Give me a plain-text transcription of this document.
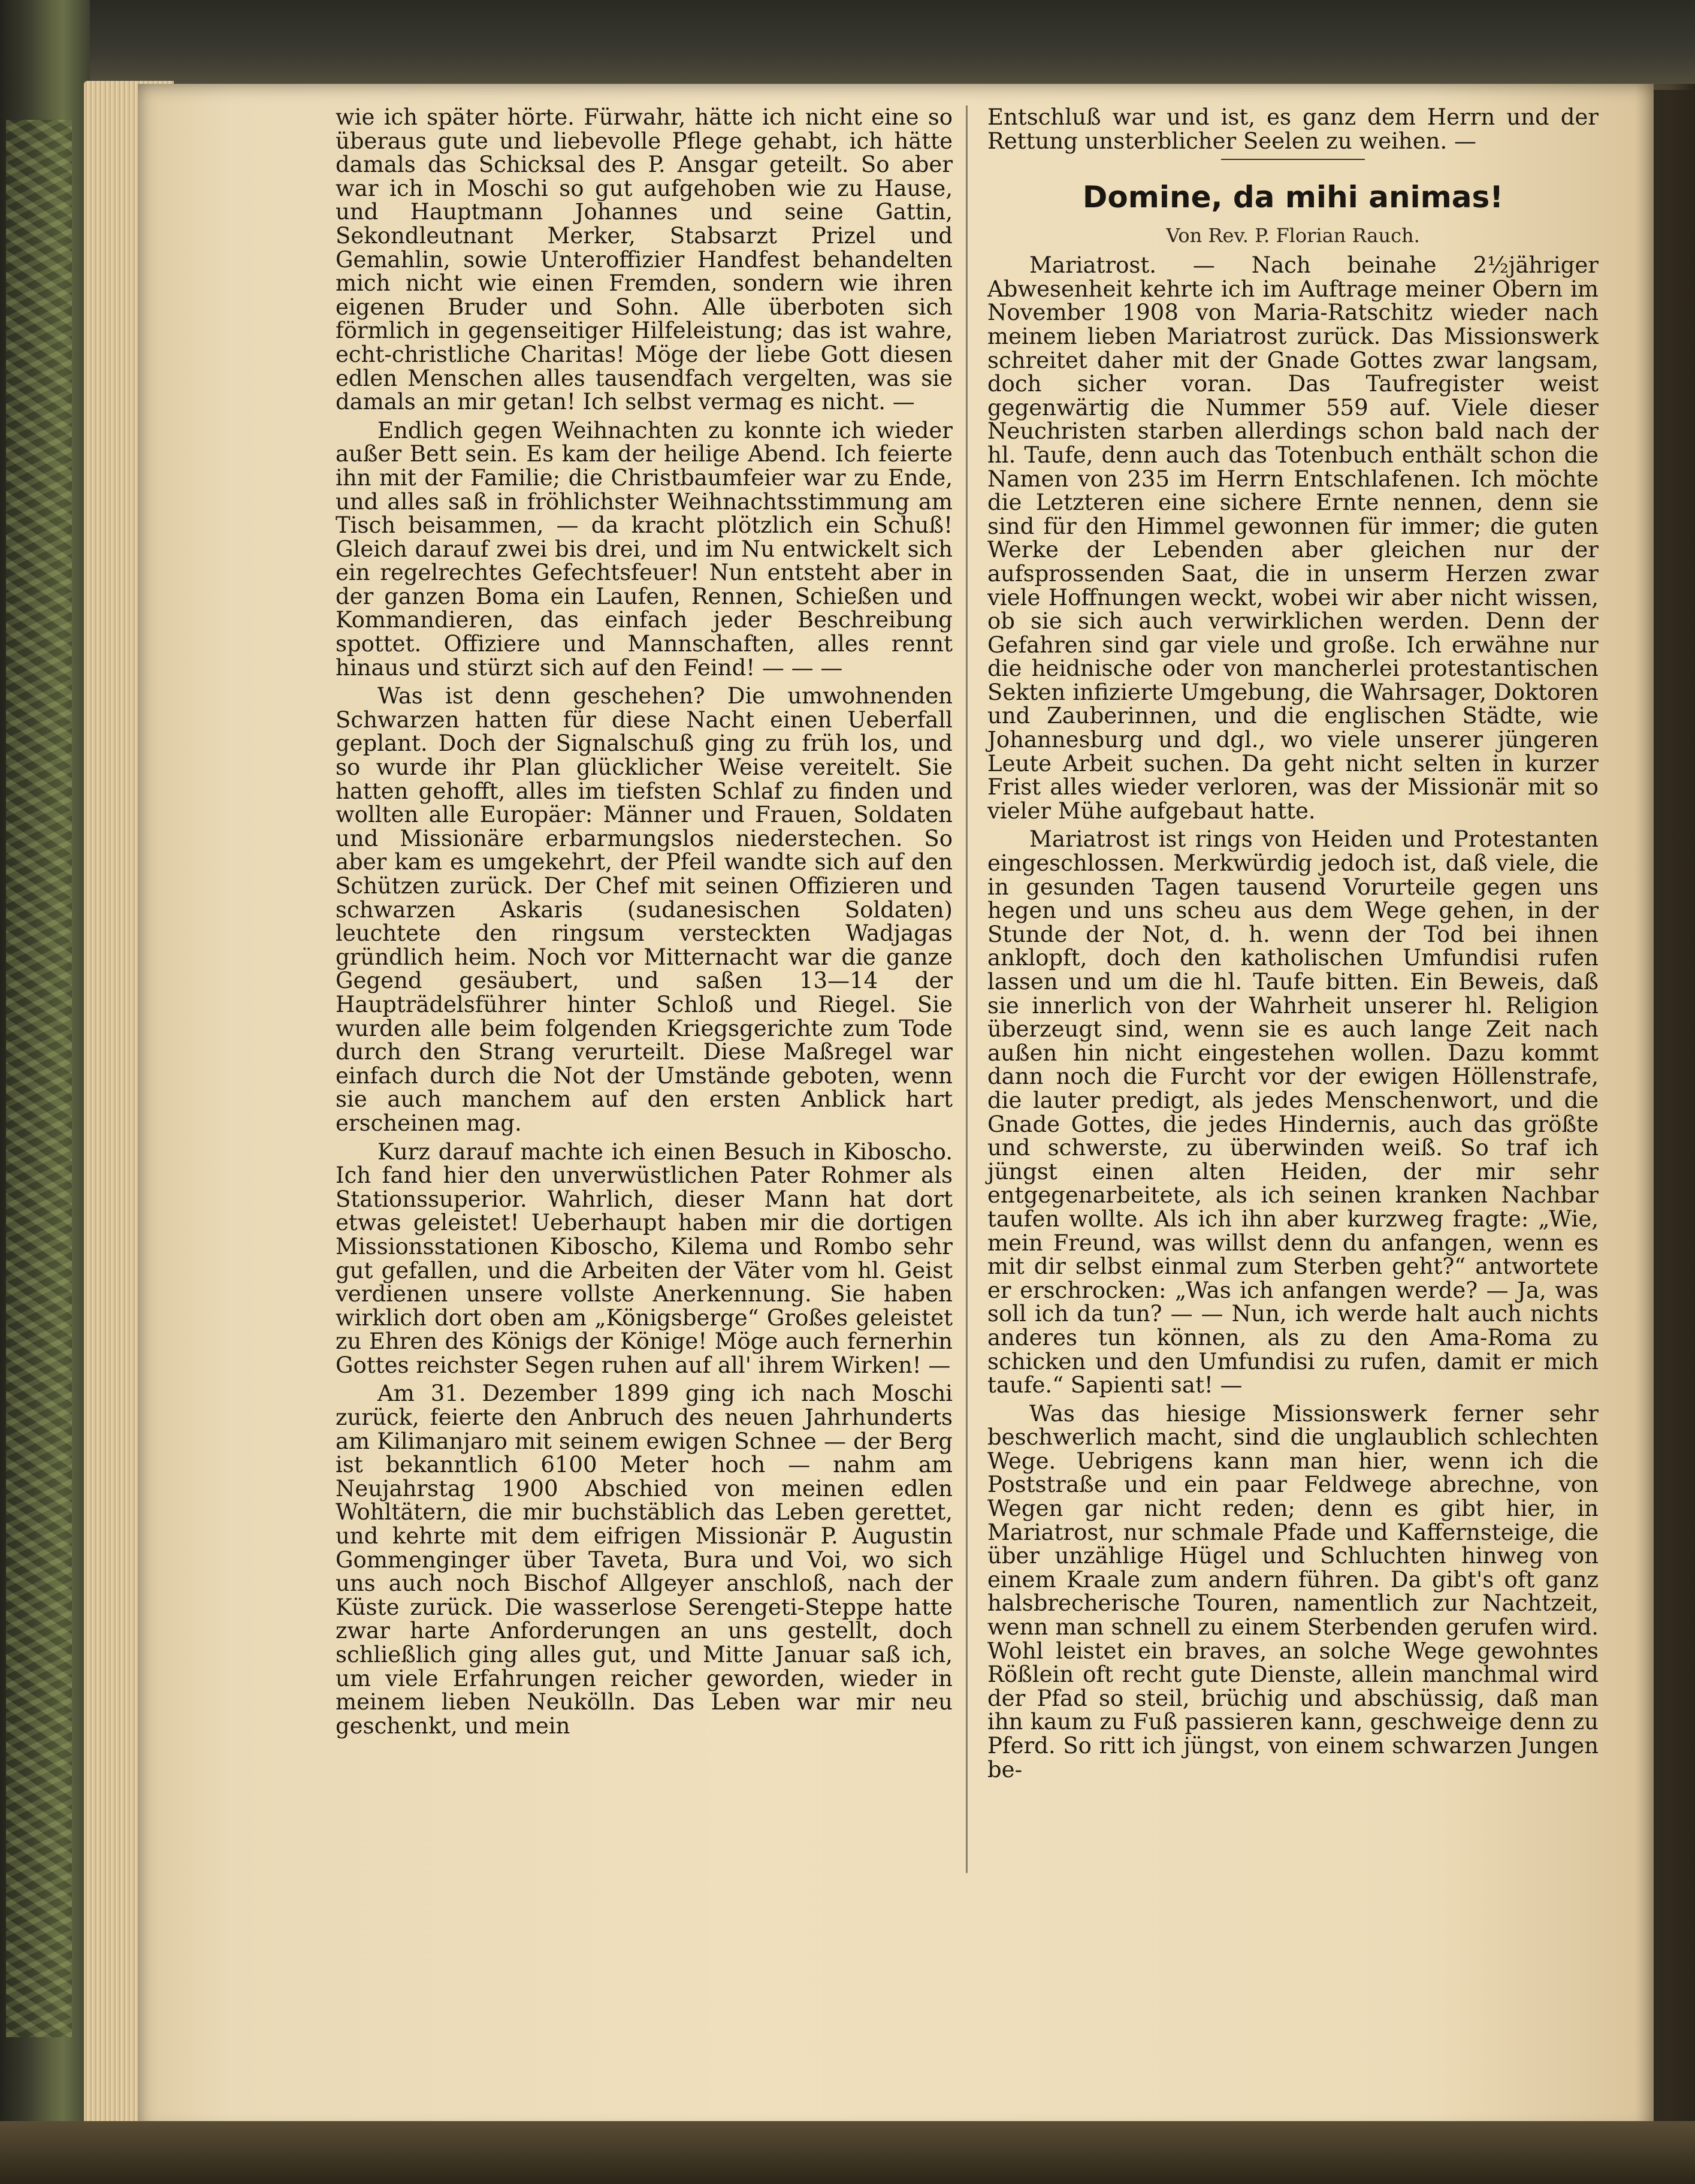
wie ich später hörte. Fürwahr, hätte ich nicht eine so überaus gute und liebevolle Pflege gehabt, ich hätte damals das Schicksal des P. Ansgar geteilt. So aber war ich in Moschi so gut aufgehoben wie zu Hause, und Hauptmann Johannes und seine Gattin, Sekondleutnant Merker, Stabsarzt Prizel und Gemahlin, sowie Unteroffizier Handfest behandelten mich nicht wie einen Fremden, sondern wie ihren eigenen Bruder und Sohn. Alle überboten sich förmlich in gegenseitiger Hilfeleistung; das ist wahre, echt-christliche Charitas! Möge der liebe Gott diesen edlen Menschen alles tausendfach vergelten, was sie damals an mir getan! Ich selbst vermag es nicht. —

Endlich gegen Weihnachten zu konnte ich wieder außer Bett sein. Es kam der heilige Abend. Ich feierte ihn mit der Familie; die Christbaumfeier war zu Ende, und alles saß in fröhlichster Weihnachtsstimmung am Tisch beisammen, — da kracht plötzlich ein Schuß! Gleich darauf zwei bis drei, und im Nu entwickelt sich ein regelrechtes Gefechtsfeuer! Nun entsteht aber in der ganzen Boma ein Laufen, Rennen, Schießen und Kommandieren, das einfach jeder Beschreibung spottet. Offiziere und Mannschaften, alles rennt hinaus und stürzt sich auf den Feind! — — —

Was ist denn geschehen? Die umwohnenden Schwarzen hatten für diese Nacht einen Ueberfall geplant. Doch der Signalschuß ging zu früh los, und so wurde ihr Plan glücklicher Weise vereitelt. Sie hatten gehofft, alles im tiefsten Schlaf zu finden und wollten alle Europäer: Männer und Frauen, Soldaten und Missionäre erbarmungslos niederstechen. So aber kam es umgekehrt, der Pfeil wandte sich auf den Schützen zurück. Der Chef mit seinen Offizieren und schwarzen Askaris (sudanesischen Soldaten) leuchtete den ringsum versteckten Wadjagas gründlich heim. Noch vor Mitternacht war die ganze Gegend gesäubert, und saßen 13—14 der Haupträdelsführer hinter Schloß und Riegel. Sie wurden alle beim folgenden Kriegsgerichte zum Tode durch den Strang verurteilt. Diese Maßregel war einfach durch die Not der Umstände geboten, wenn sie auch manchem auf den ersten Anblick hart erscheinen mag.

Kurz darauf machte ich einen Besuch in Kiboscho. Ich fand hier den unverwüstlichen Pater Rohmer als Stationssuperior. Wahrlich, dieser Mann hat dort etwas geleistet! Ueberhaupt haben mir die dortigen Missionsstationen Kiboscho, Kilema und Rombo sehr gut gefallen, und die Arbeiten der Väter vom hl. Geist verdienen unsere vollste Anerkennung. Sie haben wirklich dort oben am „Königsberge“ Großes geleistet zu Ehren des Königs der Könige! Möge auch fernerhin Gottes reichster Segen ruhen auf all' ihrem Wirken! —

Am 31. Dezember 1899 ging ich nach Moschi zurück, feierte den Anbruch des neuen Jahrhunderts am Kilimanjaro mit seinem ewigen Schnee — der Berg ist bekanntlich 6100 Meter hoch — nahm am Neujahrstag 1900 Abschied von meinen edlen Wohltätern, die mir buchstäblich das Leben gerettet, und kehrte mit dem eifrigen Missionär P. Augustin Gommenginger über Taveta, Bura und Voi, wo sich uns auch noch Bischof Allgeyer anschloß, nach der Küste zurück. Die wasserlose Serengeti-Steppe hatte zwar harte Anforderungen an uns gestellt, doch schließlich ging alles gut, und Mitte Januar saß ich, um viele Erfahrungen reicher geworden, wieder in meinem lieben Neukölln. Das Leben war mir neu geschenkt, und mein

Entschluß war und ist, es ganz dem Herrn und der Rettung unsterblicher Seelen zu weihen. —

Domine, da mihi animas!
Von Rev. P. Florian Rauch.

Mariatrost. — Nach beinahe 2½jähriger Abwesenheit kehrte ich im Auftrage meiner Obern im November 1908 von Maria-Ratschitz wieder nach meinem lieben Mariatrost zurück. Das Missionswerk schreitet daher mit der Gnade Gottes zwar langsam, doch sicher voran. Das Taufregister weist gegenwärtig die Nummer 559 auf. Viele dieser Neuchristen starben allerdings schon bald nach der hl. Taufe, denn auch das Totenbuch enthält schon die Namen von 235 im Herrn Entschlafenen. Ich möchte die Letzteren eine sichere Ernte nennen, denn sie sind für den Himmel gewonnen für immer; die guten Werke der Lebenden aber gleichen nur der aufsprossenden Saat, die in unserm Herzen zwar viele Hoffnungen weckt, wobei wir aber nicht wissen, ob sie sich auch verwirklichen werden. Denn der Gefahren sind gar viele und große. Ich erwähne nur die heidnische oder von mancherlei protestantischen Sekten infizierte Umgebung, die Wahrsager, Doktoren und Zauberinnen, und die englischen Städte, wie Johannesburg und dgl., wo viele unserer jüngeren Leute Arbeit suchen. Da geht nicht selten in kurzer Frist alles wieder verloren, was der Missionär mit so vieler Mühe aufgebaut hatte.

Mariatrost ist rings von Heiden und Protestanten eingeschlossen. Merkwürdig jedoch ist, daß viele, die in gesunden Tagen tausend Vorurteile gegen uns hegen und uns scheu aus dem Wege gehen, in der Stunde der Not, d. h. wenn der Tod bei ihnen anklopft, doch den katholischen Umfundisi rufen lassen und um die hl. Taufe bitten. Ein Beweis, daß sie innerlich von der Wahrheit unserer hl. Religion überzeugt sind, wenn sie es auch lange Zeit nach außen hin nicht eingestehen wollen. Dazu kommt dann noch die Furcht vor der ewigen Höllenstrafe, die lauter predigt, als jedes Menschenwort, und die Gnade Gottes, die jedes Hindernis, auch das größte und schwerste, zu überwinden weiß. So traf ich jüngst einen alten Heiden, der mir sehr entgegenarbeitete, als ich seinen kranken Nachbar taufen wollte. Als ich ihn aber kurzweg fragte: „Wie, mein Freund, was willst denn du anfangen, wenn es mit dir selbst einmal zum Sterben geht?“ antwortete er erschrocken: „Was ich anfangen werde? — Ja, was soll ich da tun? — — Nun, ich werde halt auch nichts anderes tun können, als zu den Ama-Roma zu schicken und den Umfundisi zu rufen, damit er mich taufe.“ Sapienti sat! —

Was das hiesige Missionswerk ferner sehr beschwerlich macht, sind die unglaublich schlechten Wege. Uebrigens kann man hier, wenn ich die Poststraße und ein paar Feldwege abrechne, von Wegen gar nicht reden; denn es gibt hier, in Mariatrost, nur schmale Pfade und Kaffernsteige, die über unzählige Hügel und Schluchten hinweg von einem Kraale zum andern führen. Da gibt's oft ganz halsbrecherische Touren, namentlich zur Nachtzeit, wenn man schnell zu einem Sterbenden gerufen wird. Wohl leistet ein braves, an solche Wege gewohntes Rößlein oft recht gute Dienste, allein manchmal wird der Pfad so steil, brüchig und abschüssig, daß man ihn kaum zu Fuß passieren kann, geschweige denn zu Pferd. So ritt ich jüngst, von einem schwarzen Jungen be-
